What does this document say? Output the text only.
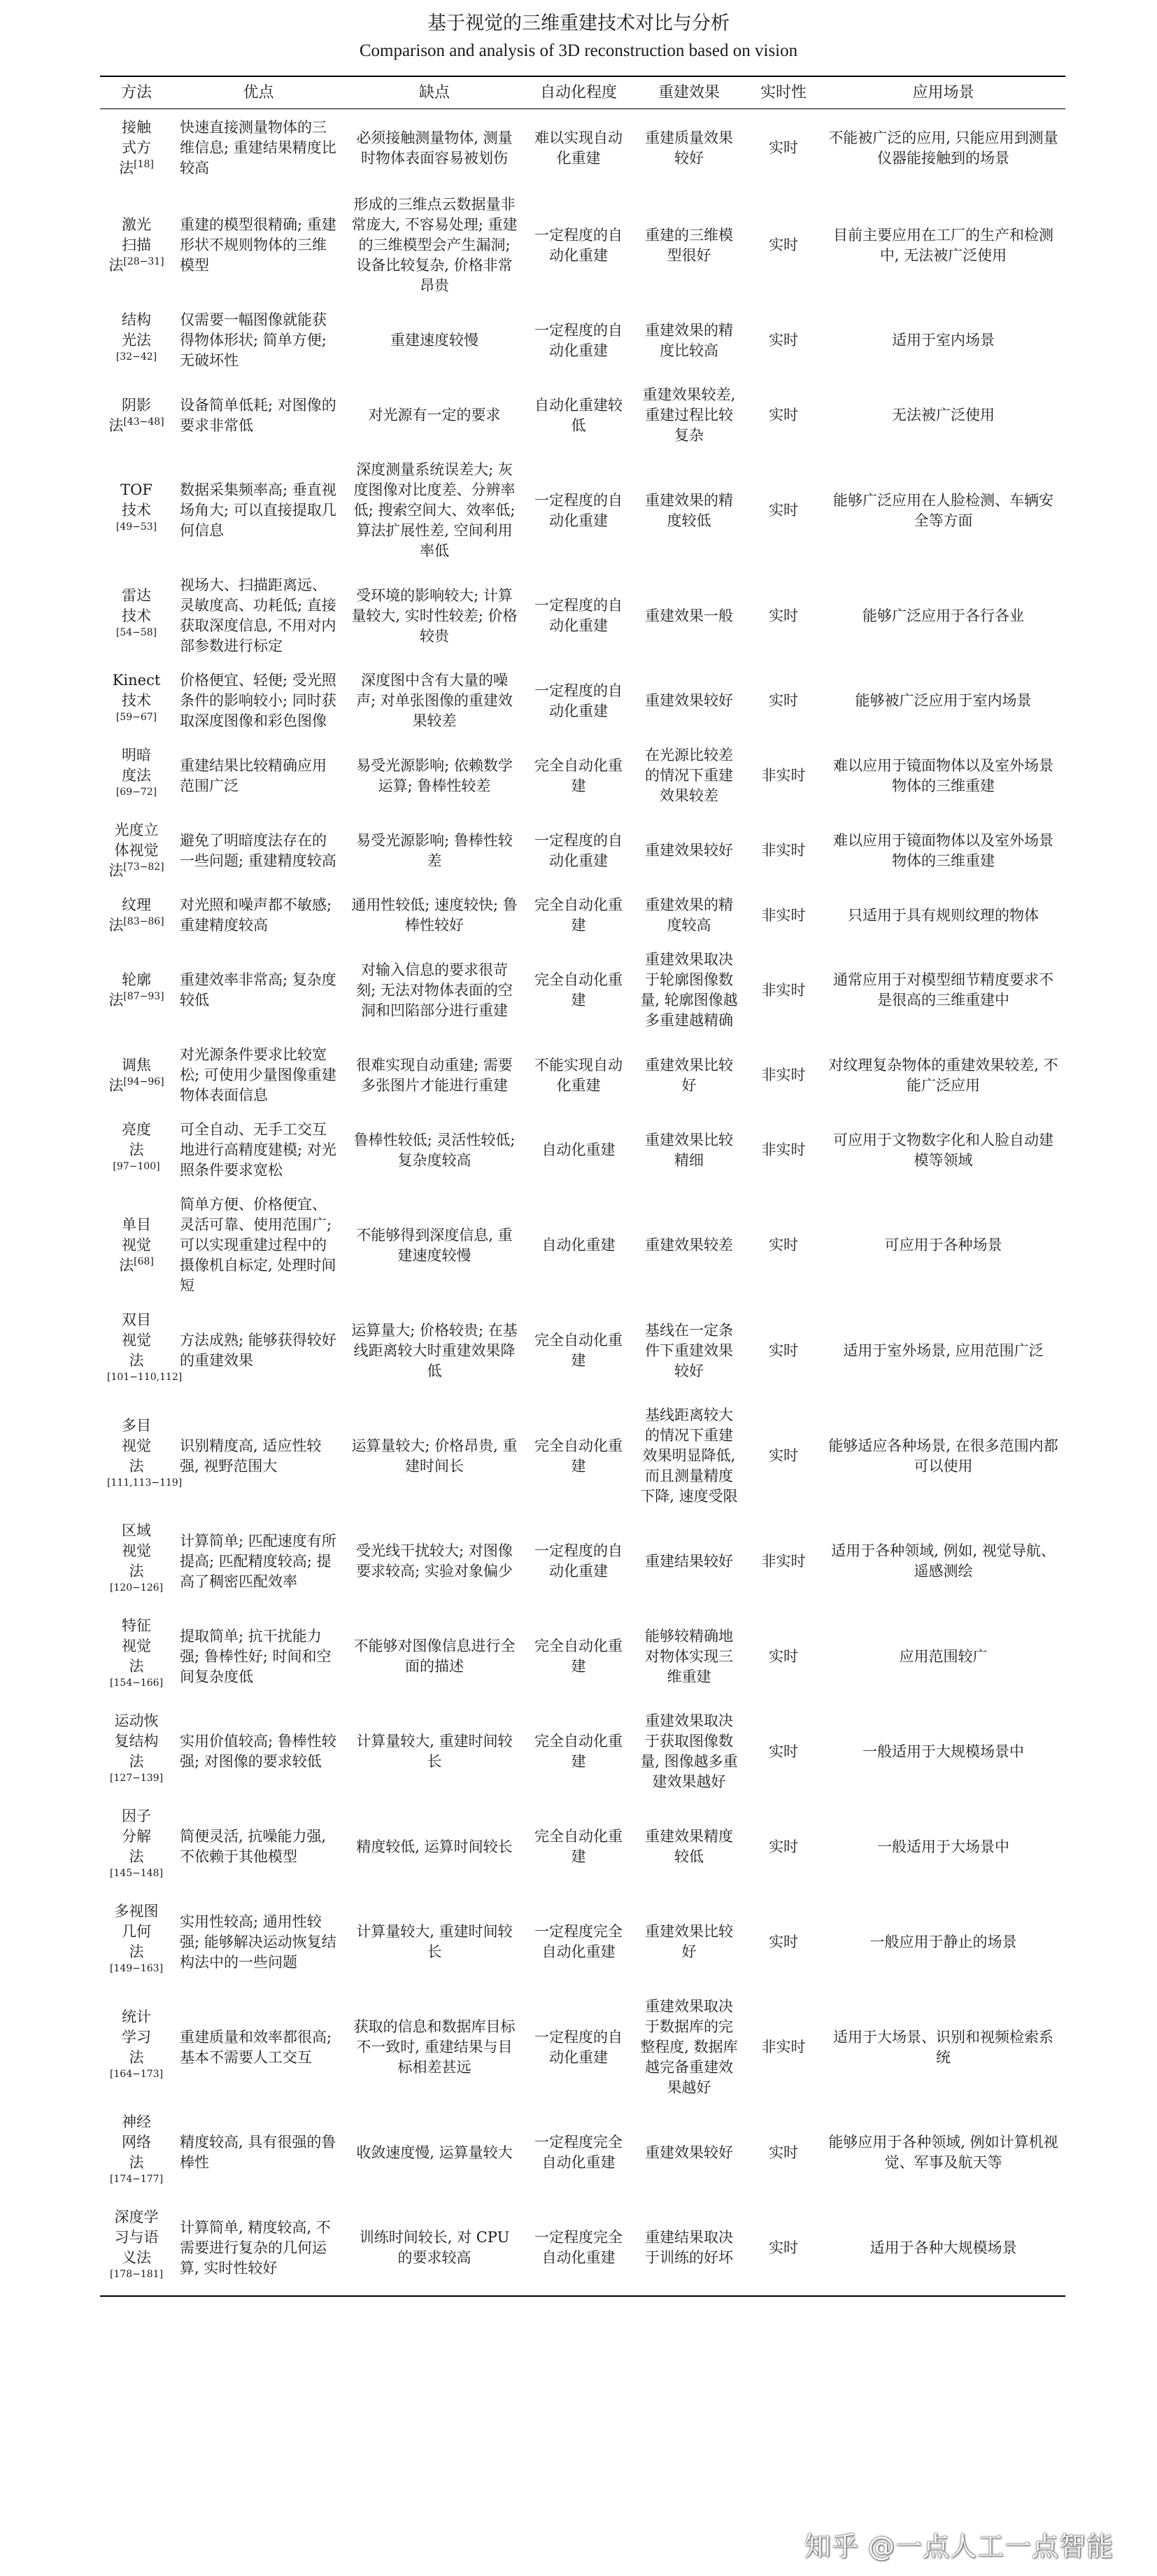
基于视觉的三维重建技术对比与分析
Comparison and analysis of 3D reconstruction based on vision
方法	优点	缺点	自动化程度	重建效果	实时性	应用场景
接触
式方
法[18]	快速直接测量物体的三维信息; 重建结果精度比较高	必须接触测量物体, 测量时物体表面容易被划伤	难以实现自动化重建	重建质量效果较好	实时	不能被广泛的应用, 只能应用到测量仪器能接触到的场景
激光
扫描
法[28−31]	重建的模型很精确; 重建形状不规则物体的三维模型	形成的三维点云数据量非常庞大, 不容易处理; 重建的三维模型会产生漏洞; 设备比较复杂, 价格非常昂贵	一定程度的自动化重建	重建的三维模型很好	实时	目前主要应用在工厂的生产和检测中, 无法被广泛使用
结构
光法[32−42]	仅需要一幅图像就能获得物体形状; 简单方便; 无破坏性	重建速度较慢	一定程度的自动化重建	重建效果的精度比较高	实时	适用于室内场景
阴影
法[43−48]	设备简单低耗; 对图像的要求非常低	对光源有一定的要求	自动化重建较低	重建效果较差, 重建过程比较复杂	实时	无法被广泛使用
TOF
技术[49−53]	数据采集频率高; 垂直视场角大; 可以直接提取几何信息	深度测量系统误差大; 灰度图像对比度差、分辨率低; 搜索空间大、效率低; 算法扩展性差, 空间利用率低	一定程度的自动化重建	重建效果的精度较低	实时	能够广泛应用在人脸检测、车辆安全等方面
雷达
技术[54−58]	视场大、扫描距离远、灵敏度高、功耗低; 直接获取深度信息, 不用对内部参数进行标定	受环境的影响较大; 计算量较大, 实时性较差; 价格较贵	一定程度的自动化重建	重建效果一般	实时	能够广泛应用于各行各业
Kinect
技术[59−67]	价格便宜、轻便; 受光照条件的影响较小; 同时获取深度图像和彩色图像	深度图中含有大量的噪声; 对单张图像的重建效果较差	一定程度的自动化重建	重建效果较好	实时	能够被广泛应用于室内场景
明暗
度法[69−72]	重建结果比较精确应用范围广泛	易受光源影响; 依赖数学运算; 鲁棒性较差	完全自动化重建	在光源比较差的情况下重建效果较差	非实时	难以应用于镜面物体以及室外场景物体的三维重建
光度立
体视觉
法[73−82]	避免了明暗度法存在的一些问题; 重建精度较高	易受光源影响; 鲁棒性较差	一定程度的自动化重建	重建效果较好	非实时	难以应用于镜面物体以及室外场景物体的三维重建
纹理
法[83−86]	对光照和噪声都不敏感; 重建精度较高	通用性较低; 速度较快; 鲁棒性较好	完全自动化重建	重建效果的精度较高	非实时	只适用于具有规则纹理的物体
轮廓
法[87−93]	重建效率非常高; 复杂度较低	对输入信息的要求很苛刻; 无法对物体表面的空洞和凹陷部分进行重建	完全自动化重建	重建效果取决于轮廓图像数量, 轮廓图像越多重建越精确	非实时	通常应用于对模型细节精度要求不是很高的三维重建中
调焦
法[94−96]	对光源条件要求比较宽松; 可使用少量图像重建物体表面信息	很难实现自动重建; 需要多张图片才能进行重建	不能实现自动化重建	重建效果比较好	非实时	对纹理复杂物体的重建效果较差, 不能广泛应用
亮度
法[97−100]	可全自动、无手工交互地进行高精度建模; 对光照条件要求宽松	鲁棒性较低; 灵活性较低; 复杂度较高	自动化重建	重建效果比较精细	非实时	可应用于文物数字化和人脸自动建模等领域
单目
视觉
法[68]	简单方便、价格便宜、灵活可靠、使用范围广; 可以实现重建过程中的摄像机自标定, 处理时间短	不能够得到深度信息, 重建速度较慢	自动化重建	重建效果较差	实时	可应用于各种场景
双目
视觉
法[101−110,112]	方法成熟; 能够获得较好的重建效果	运算量大; 价格较贵; 在基线距离较大时重建效果降低	完全自动化重建	基线在一定条件下重建效果较好	实时	适用于室外场景, 应用范围广泛
多目
视觉
法[111,113−119]	识别精度高, 适应性较强, 视野范围大	运算量较大; 价格昂贵, 重建时间长	完全自动化重建	基线距离较大的情况下重建效果明显降低, 而且测量精度下降, 速度受限	实时	能够适应各种场景, 在很多范围内都可以使用
区域
视觉
法[120−126]	计算简单; 匹配速度有所提高; 匹配精度较高; 提高了稠密匹配效率	受光线干扰较大; 对图像要求较高; 实验对象偏少	一定程度的自动化重建	重建结果较好	非实时	适用于各种领域, 例如, 视觉导航、遥感测绘
特征
视觉
法[154−166]	提取简单; 抗干扰能力强; 鲁棒性好; 时间和空间复杂度低	不能够对图像信息进行全面的描述	完全自动化重建	能够较精确地对物体实现三维重建	实时	应用范围较广
运动恢
复结构
法[127−139]	实用价值较高; 鲁棒性较强; 对图像的要求较低	计算量较大, 重建时间较长	完全自动化重建	重建效果取决于获取图像数量, 图像越多重建效果越好	实时	一般适用于大规模场景中
因子
分解
法[145−148]	简便灵活, 抗噪能力强, 不依赖于其他模型	精度较低, 运算时间较长	完全自动化重建	重建效果精度较低	实时	一般适用于大场景中
多视图
几何
法[149−163]	实用性较高; 通用性较强; 能够解决运动恢复结构法中的一些问题	计算量较大, 重建时间较长	一定程度完全自动化重建	重建效果比较好	实时	一般应用于静止的场景
统计
学习
法[164−173]	重建质量和效率都很高; 基本不需要人工交互	获取的信息和数据库目标不一致时, 重建结果与目标相差甚远	一定程度的自动化重建	重建效果取决于数据库的完整程度, 数据库越完备重建效果越好	非实时	适用于大场景、识别和视频检索系统
神经
网络
法[174−177]	精度较高, 具有很强的鲁棒性	收敛速度慢, 运算量较大	一定程度完全自动化重建	重建效果较好	实时	能够应用于各种领域, 例如计算机视觉、军事及航天等
深度学
习与语
义法[178−181]	计算简单, 精度较高, 不需要进行复杂的几何运算, 实时性较好	训练时间较长, 对 CPU 的要求较高	一定程度完全自动化重建	重建结果取决于训练的好坏	实时	适用于各种大规模场景
知乎 @一点人工一点智能
